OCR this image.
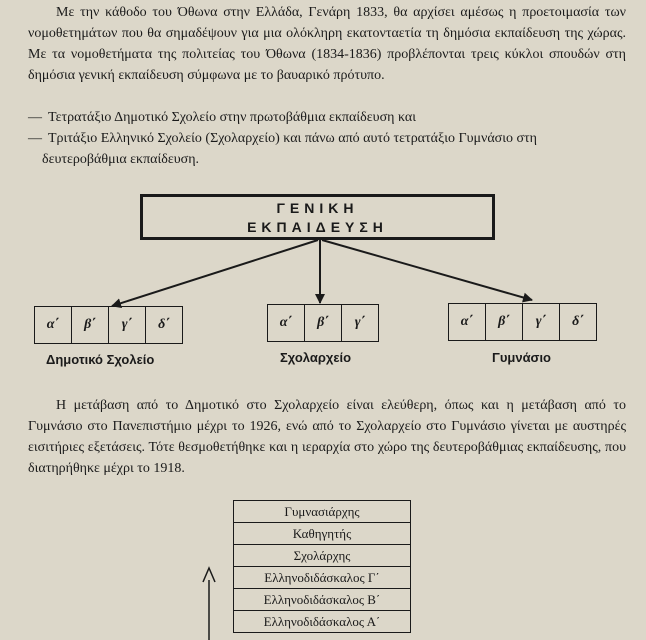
Με την κάθοδο του Όθωνα στην Ελλάδα, Γενάρη 1833, θα αρχίσει αμέσως η προετοιμασία των νομοθετημάτων που θα σημαδέψουν για μια ολόκληρη εκατονταετία τη δημόσια εκπαίδευση της χώρας. Με τα νομοθετήματα της πολιτείας του Όθωνα (1834-1836) προβλέπονται τρεις κύκλοι σπουδών στη δημόσια γενική εκπαίδευση σύμφωνα με το βαυαρικό πρότυπο.
— Τετρατάξιο Δημοτικό Σχολείο στην πρωτοβάθμια εκπαίδευση και
— Τριτάξιο Ελληνικό Σχολείο (Σχολαρχείο) και πάνω από αυτό τετρατάξιο Γυμνάσιο στη
δευτεροβάθμια εκπαίδευση.
ΓΕΝΙΚΗ
ΕΚΠΑΙΔΕΥΣΗ
α΄	β΄	γ΄	δ΄
Δημοτικό Σχολείο
α΄	β΄	γ΄
Σχολαρχείο
α΄	β΄	γ΄	δ΄
Γυμνάσιο
Η μετάβαση από το Δημοτικό στο Σχολαρχείο είναι ελεύθερη, όπως και η μετάβαση από το Γυμνάσιο στο Πανεπιστήμιο μέχρι το 1926, ενώ από το Σχολαρχείο στο Γυμνάσιο γίνεται με αυστηρές εισιτήριες εξετάσεις. Τότε θεσμοθετήθηκε και η ιεραρχία στο χώρο της δευτεροβάθμιας εκπαίδευσης, που διατηρήθηκε μέχρι το 1918.
Γυμνασιάρχης
Καθηγητής
Σχολάρχης
Ελληνοδιδάσκαλος Γ΄
Ελληνοδιδάσκαλος Β΄
Ελληνοδιδάσκαλος Α΄
